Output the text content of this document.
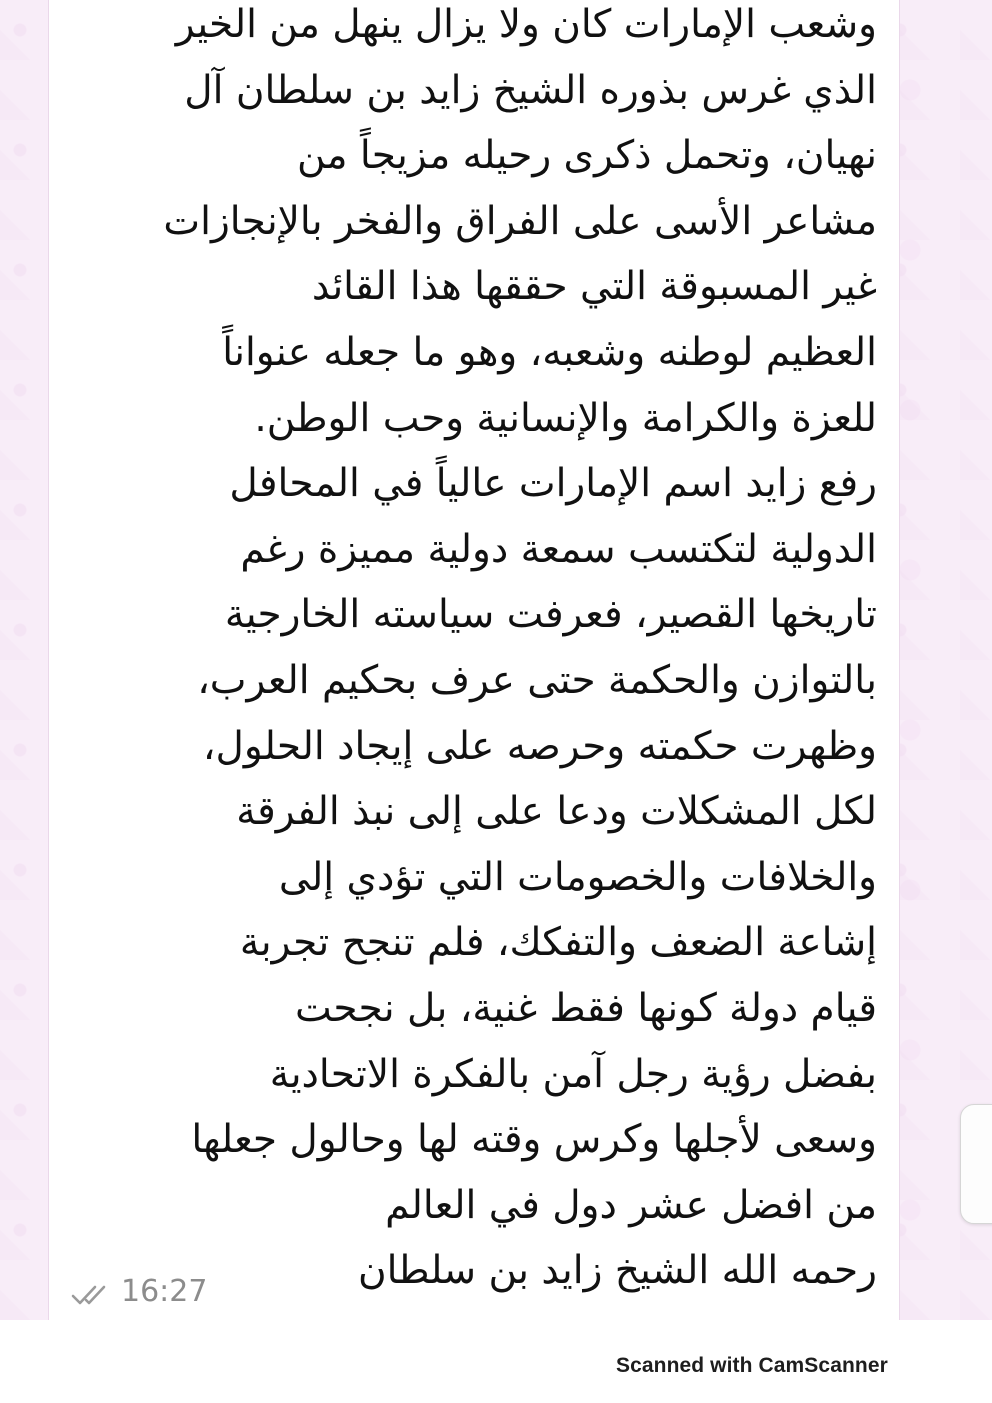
وشعب الإمارات كان ولا يزال ينهل من الخير
الذي غرس بذوره الشيخ زايد بن سلطان آل
نهيان، وتحمل ذكرى رحيله مزيجاً من
مشاعر الأسى على الفراق والفخر بالإنجازات
غير المسبوقة التي حققها هذا القائد
العظيم لوطنه وشعبه، وهو ما جعله عنواناً
للعزة والكرامة والإنسانية وحب الوطن.
رفع زايد اسم الإمارات عالياً في المحافل
الدولية لتكتسب سمعة دولية مميزة رغم
تاريخها القصير، فعرفت سياسته الخارجية
بالتوازن والحكمة حتى عرف بحكيم العرب،
وظهرت حكمته وحرصه على إيجاد الحلول،
لكل المشكلات ودعا على إلى نبذ الفرقة
والخلافات والخصومات التي تؤدي إلى
إشاعة الضعف والتفكك، فلم تنجح تجربة
قيام دولة كونها فقط غنية، بل نجحت
بفضل رؤية رجل آمن بالفكرة الاتحادية
وسعى لأجلها وكرس وقته لها وحالول جعلها
من افضل عشر دول في العالم
رحمه الله الشيخ زايد بن سلطان
16:27
Scanned with CamScanner
